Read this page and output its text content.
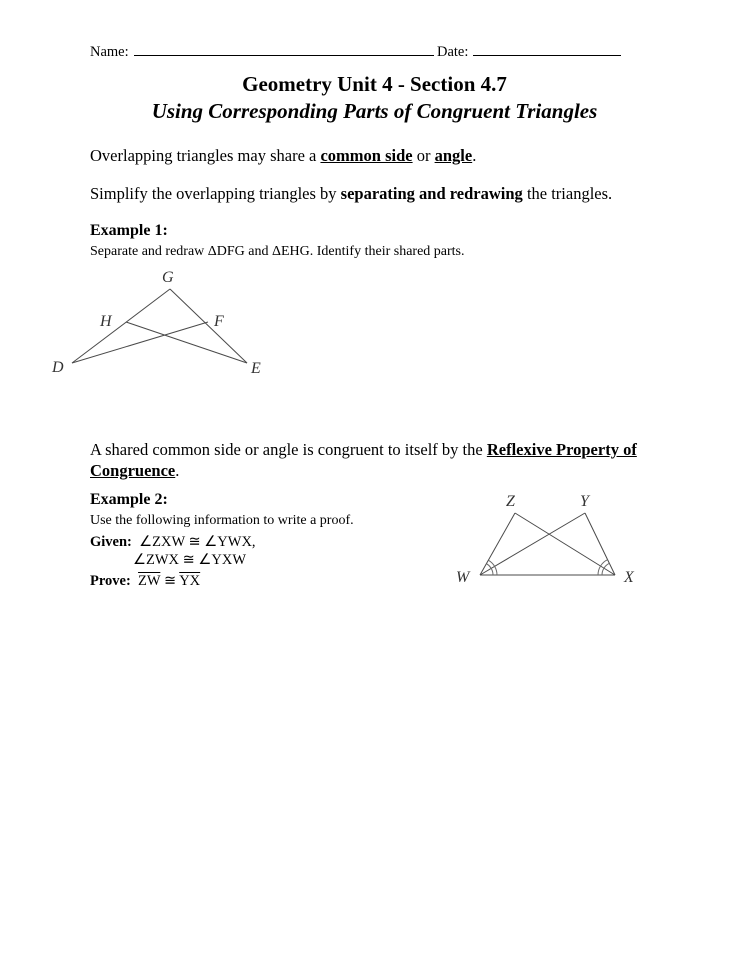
Name:	Date:
Geometry Unit 4 - Section 4.7
Using Corresponding Parts of Congruent Triangles
Overlapping triangles may share a common side or angle.
Simplify the overlapping triangles by separating and redrawing the triangles.
Example 1:
Separate and redraw ΔDFG and ΔEHG. Identify their shared parts.
G
H	F
D	E
A shared common side or angle is congruent to itself by the Reflexive Property of Congruence.
Example 2:
Use the following information to write a proof.
Given: ∠ZXW ≅ ∠YWX,
∠ZWX ≅ ∠YXW
Prove: $\overline{ZW}$ ≅ $\overline{YX}$
Z	Y
W	X
